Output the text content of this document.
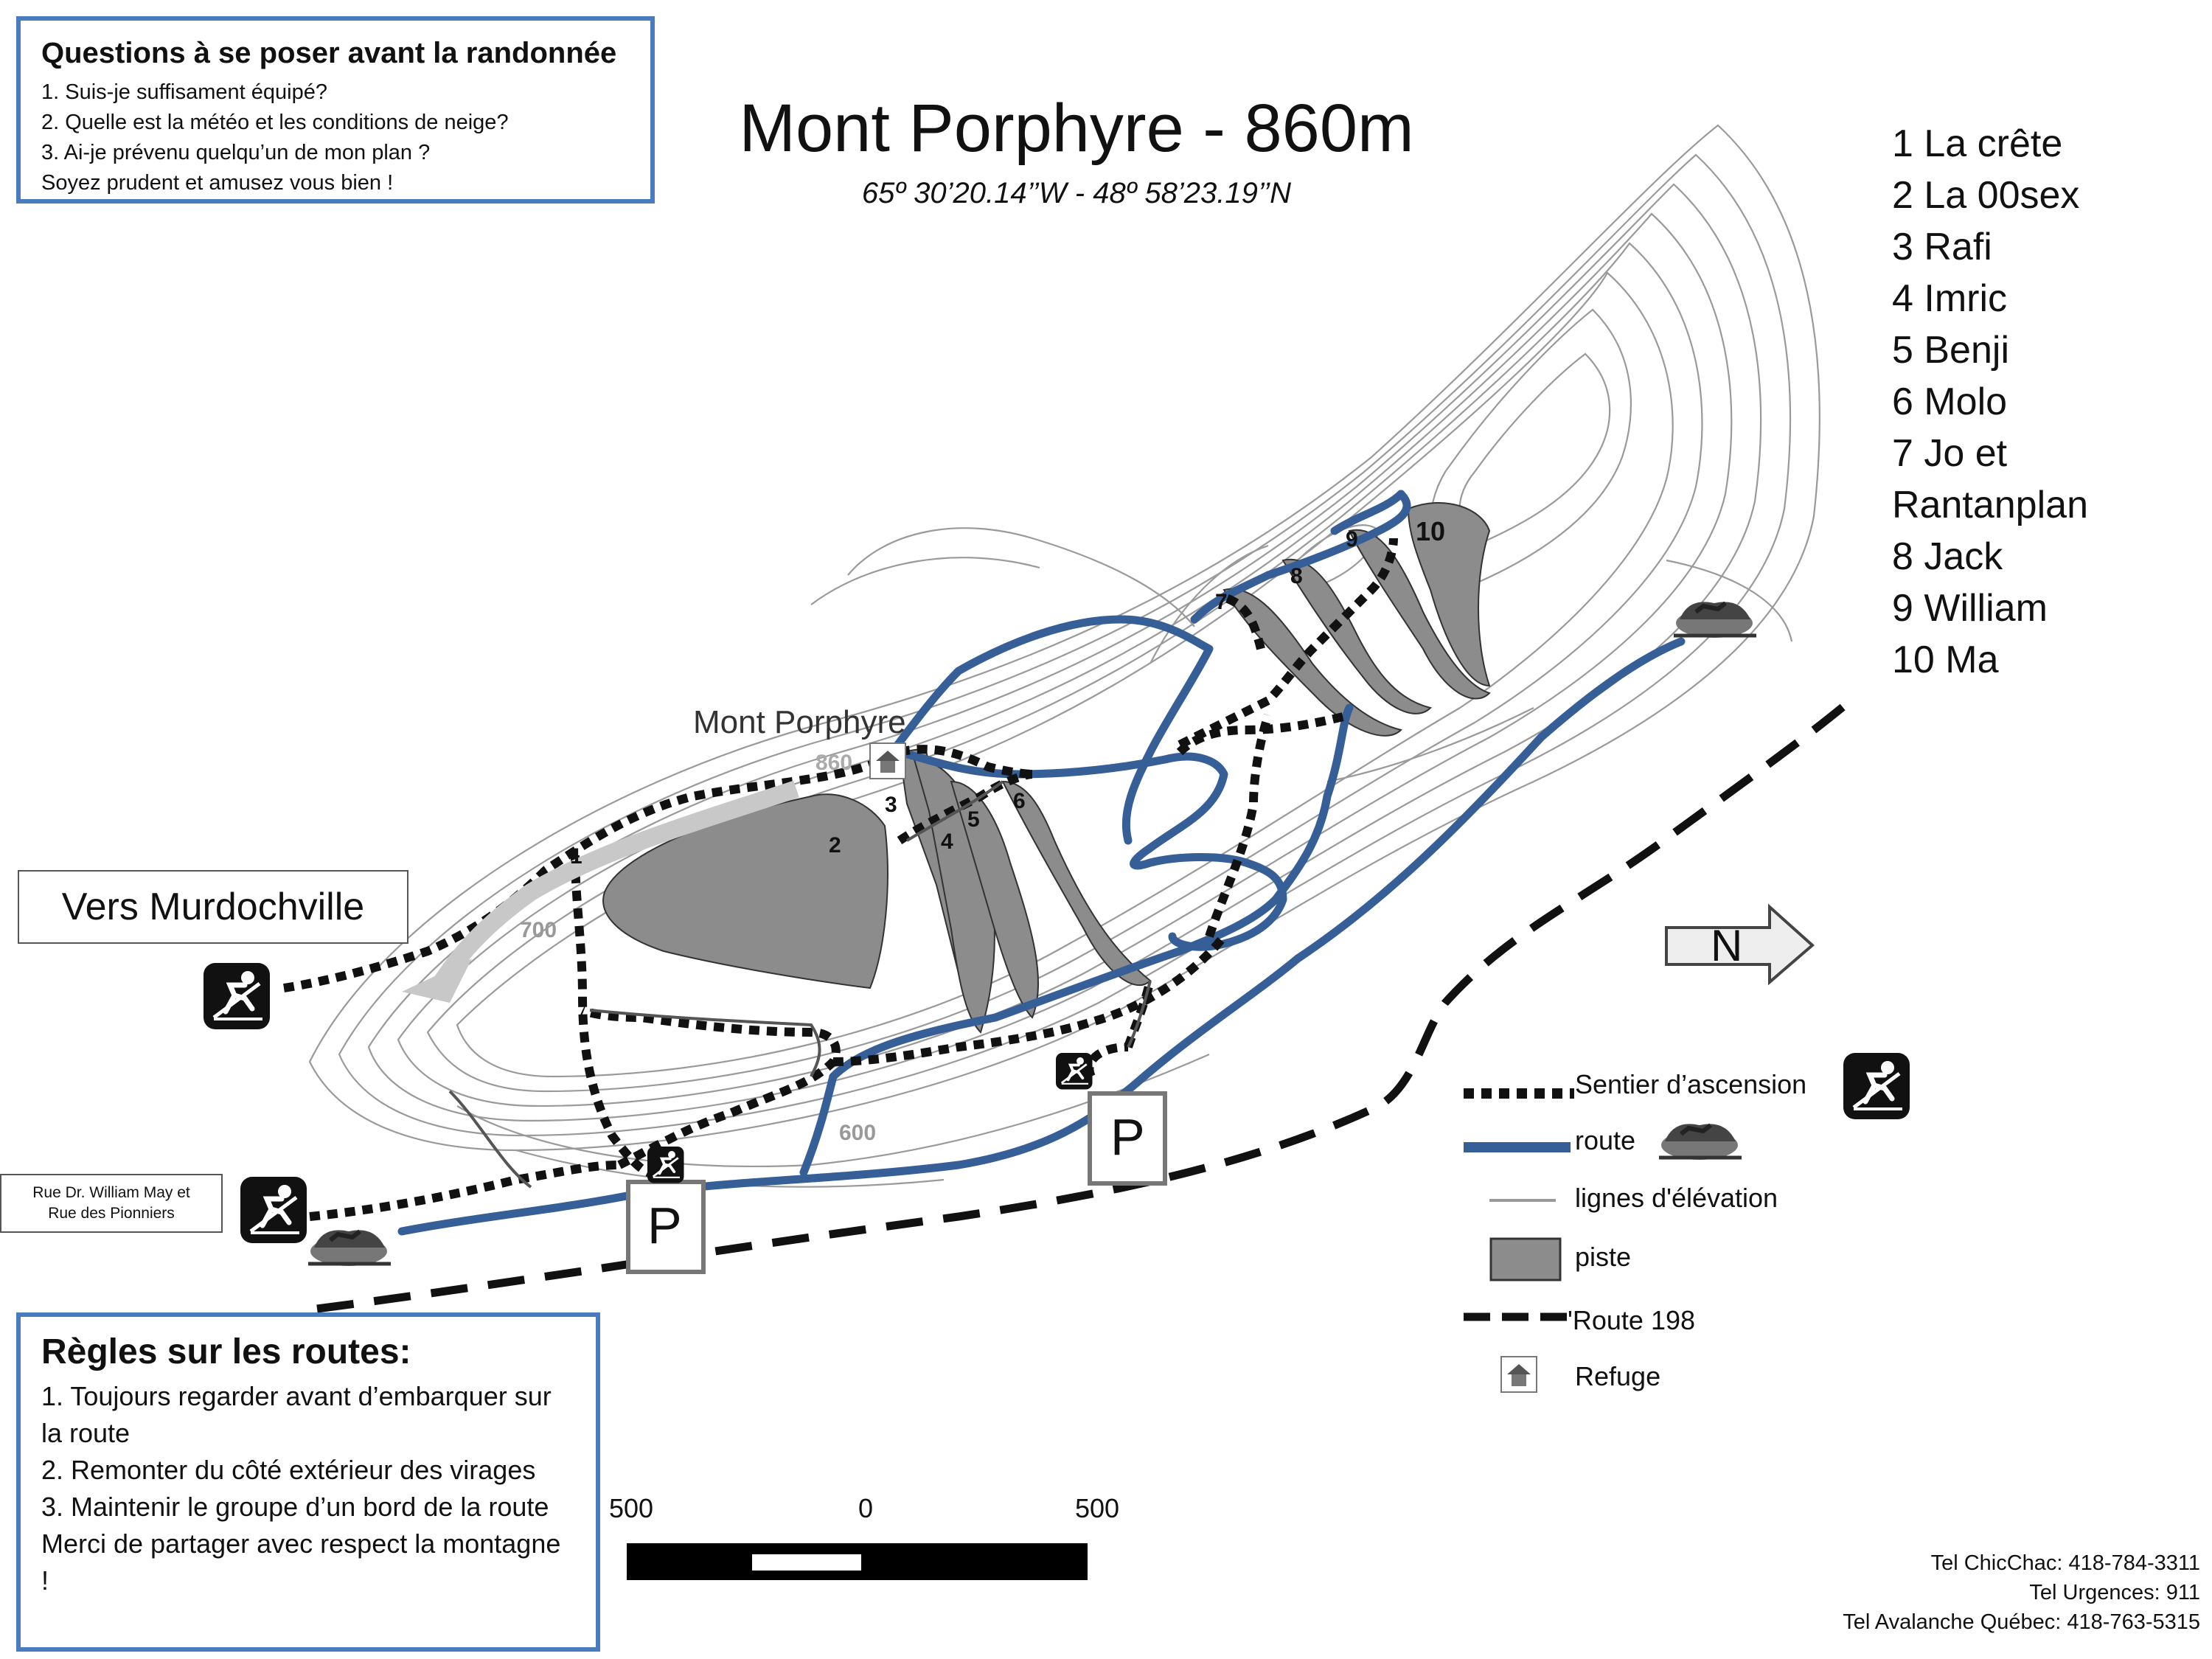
Mont Porphyre
860
700
600
1	2
3
4
5
6
7
8
9 10
P
P
N
Vers Murdochville
Rue Dr. William May et
Rue des Pionniers
Questions à se poser avant la randonnée
1. Suis-je suffisament équipé?
2. Quelle est la météo et les conditions de neige?
3. Ai-je prévenu quelqu’un de mon plan ?
Soyez prudent et amusez vous bien !
Mont Porphyre - 860m
65º 30’20.14’’W - 48º 58’23.19’’N
1 La crête
2 La 00sex
3 Rafi
4 Imric
5 Benji
6 Molo
7 Jo et Rantanplan
8 Jack
9 William
10 Ma
Sentier d’ascension
route
lignes d'élévation
piste
'Route 198
Refuge
500	0	500
Règles sur les routes:
1. Toujours regarder avant d’embarquer sur la route
2. Remonter du côté extérieur des virages
3. Maintenir le groupe d’un bord de la route
Merci de partager avec respect la montagne !
Tel ChicChac: 418-784-3311
Tel Urgences: 911
Tel Avalanche Québec: 418-763-5315
